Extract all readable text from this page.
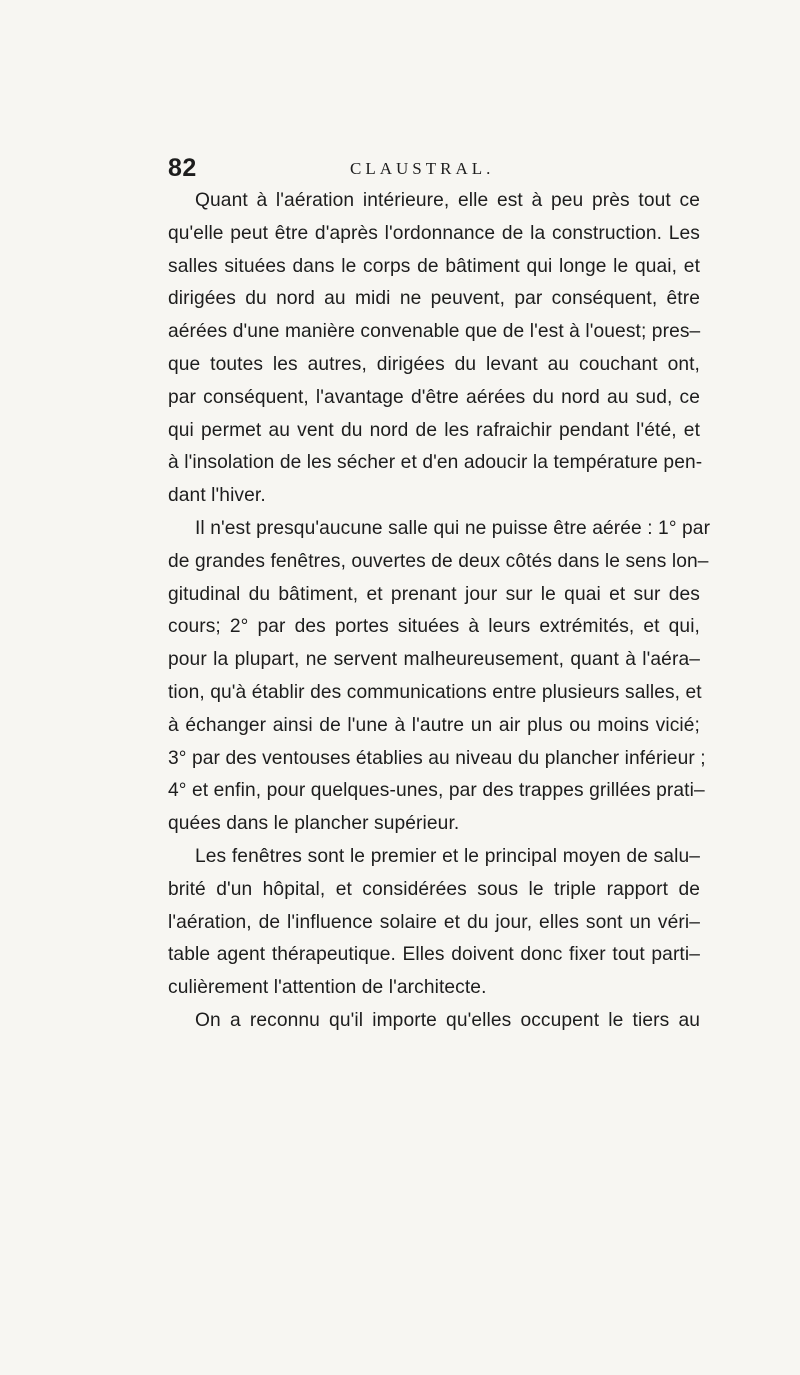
82	CLAUSTRAL.
Quant à l'aération intérieure, elle est à peu près tout ce
qu'elle peut être d'après l'ordonnance de la construction. Les
salles situées dans le corps de bâtiment qui longe le quai, et
dirigées du nord au midi ne peuvent, par conséquent, être
aérées d'une manière convenable que de l'est à l'ouest; pres–
que toutes les autres, dirigées du levant au couchant ont,
par conséquent, l'avantage d'être aérées du nord au sud, ce
qui permet au vent du nord de les rafraichir pendant l'été, et
à l'insolation de les sécher et d'en adoucir la température pen-
dant l'hiver.
Il n'est presqu'aucune salle qui ne puisse être aérée : 1° par
de grandes fenêtres, ouvertes de deux côtés dans le sens lon–
gitudinal du bâtiment, et prenant jour sur le quai et sur des
cours; 2° par des portes situées à leurs extrémités, et qui,
pour la plupart, ne servent malheureusement, quant à l'aéra–
tion, qu'à établir des communications entre plusieurs salles, et
à échanger ainsi de l'une à l'autre un air plus ou moins vicié;
3° par des ventouses établies au niveau du plancher inférieur ;
4° et enfin, pour quelques-unes, par des trappes grillées prati–
quées dans le plancher supérieur.
Les fenêtres sont le premier et le principal moyen de salu–
brité d'un hôpital, et considérées sous le triple rapport de
l'aération, de l'influence solaire et du jour, elles sont un véri–
table agent thérapeutique. Elles doivent donc fixer tout parti–
culièrement l'attention de l'architecte.
On a reconnu qu'il importe qu'elles occupent le tiers au
